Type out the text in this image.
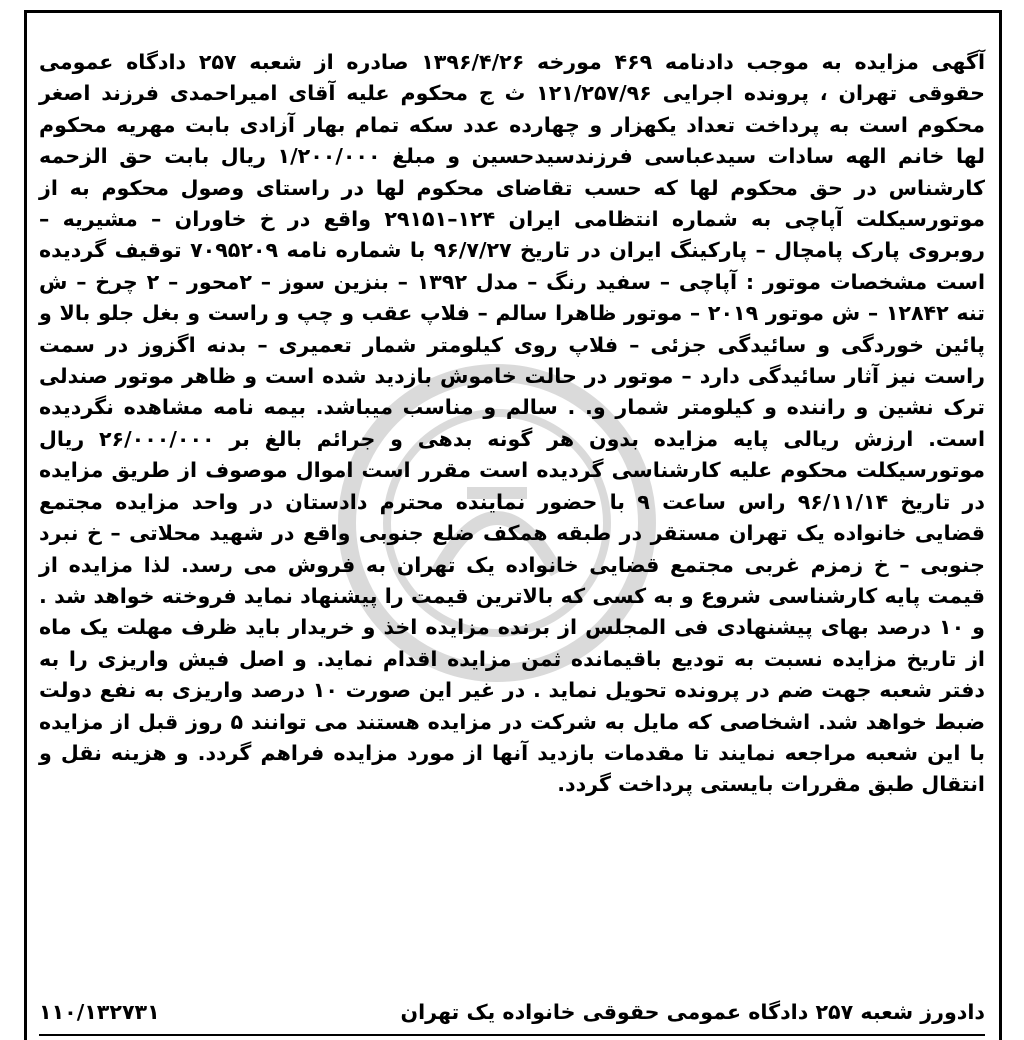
آگهی مزایده به موجب دادنامه ۴۶۹ مورخه ۱۳۹۶/۴/۲۶ صادره از شعبه ۲۵۷ دادگاه عمومی حقوقی تهران ، پرونده اجرایی ۱۲۱/۲۵۷/۹۶ ث ج محکوم علیه آقای امیراحمدی فرزند اصغر محکوم است به پرداخت تعداد یکهزار و چهارده عدد سکه تمام بهار آزادی بابت مهریه محکوم لها خانم الهه سادات سیدعباسی فرزندسیدحسین و مبلغ ۱/۲۰۰/۰۰۰ ریال بابت حق الزحمه کارشناس در حق محکوم لها که حسب تقاضای محکوم لها در راستای وصول محکوم به از موتورسیکلت آپاچی به شماره انتظامی ایران ۱۲۴–۲۹۱۵۱ واقع در خ خاوران – مشیریه – روبروی پارک پامچال – پارکینگ ایران در تاریخ ۹۶/۷/۲۷ با شماره نامه ۷۰۹۵۲۰۹ توقیف گردیده است مشخصات موتور : آپاچی – سفید رنگ – مدل ۱۳۹۲ – بنزین سوز – ۲محور – ۲ چرخ – ش تنه ۱۲۸۴۲ – ش موتور ۲۰۱۹ – موتور ظاهرا سالم – فلاپ عقب و چپ و راست و بغل جلو بالا و پائین خوردگی و سائیدگی جزئی – فلاپ روی کیلومتر شمار تعمیری – بدنه اگزوز در سمت راست نیز آثار سائیدگی دارد – موتور در حالت خاموش بازدید شده است و ظاهر موتور صندلی ترک نشین و راننده و کیلومتر شمار و. . سالم و مناسب میباشد. بیمه نامه مشاهده نگردیده است. ارزش ریالی پایه مزایده بدون هر گونه بدهی و جرائم بالغ بر ۲۶/۰۰۰/۰۰۰ ریال موتورسیکلت محکوم علیه کارشناسی گردیده است مقرر است اموال موصوف از طریق مزایده در تاریخ ۹۶/۱۱/۱۴ راس ساعت ۹ با حضور نماینده محترم دادستان در واحد مزایده مجتمع قضایی خانواده یک تهران مستقر در طبقه همکف ضلع جنوبی واقع در شهید محلاتی – خ نبرد جنوبی – خ زمزم غربی مجتمع قضایی خانواده یک تهران به فروش می رسد. لذا مزایده از قیمت پایه کارشناسی شروع و به کسی که بالاترین قیمت را پیشنهاد نماید فروخته خواهد شد . و ۱۰ درصد بهای پیشنهادی فی المجلس از برنده مزایده اخذ و خریدار باید ظرف مهلت یک ماه از تاریخ مزایده نسبت به تودیع باقیمانده ثمن مزایده اقدام نماید. و اصل فیش واریزی را به دفتر شعبه جهت ضم در پرونده تحویل نماید . در غیر این صورت ۱۰ درصد واریزی به نفع دولت ضبط خواهد شد. اشخاصی که مایل به شرکت در مزایده هستند می توانند ۵ روز قبل از مزایده با این شعبه مراجعه نمایند تا مقدمات بازدید آنها از مورد مزایده فراهم گردد. و هزینه نقل و انتقال طبق مقررات بایستی پرداخت گردد.
دادورز شعبه ۲۵۷ دادگاه عمومی حقوقی خانواده یک تهران
۱۱۰/۱۳۲۷۳۱
